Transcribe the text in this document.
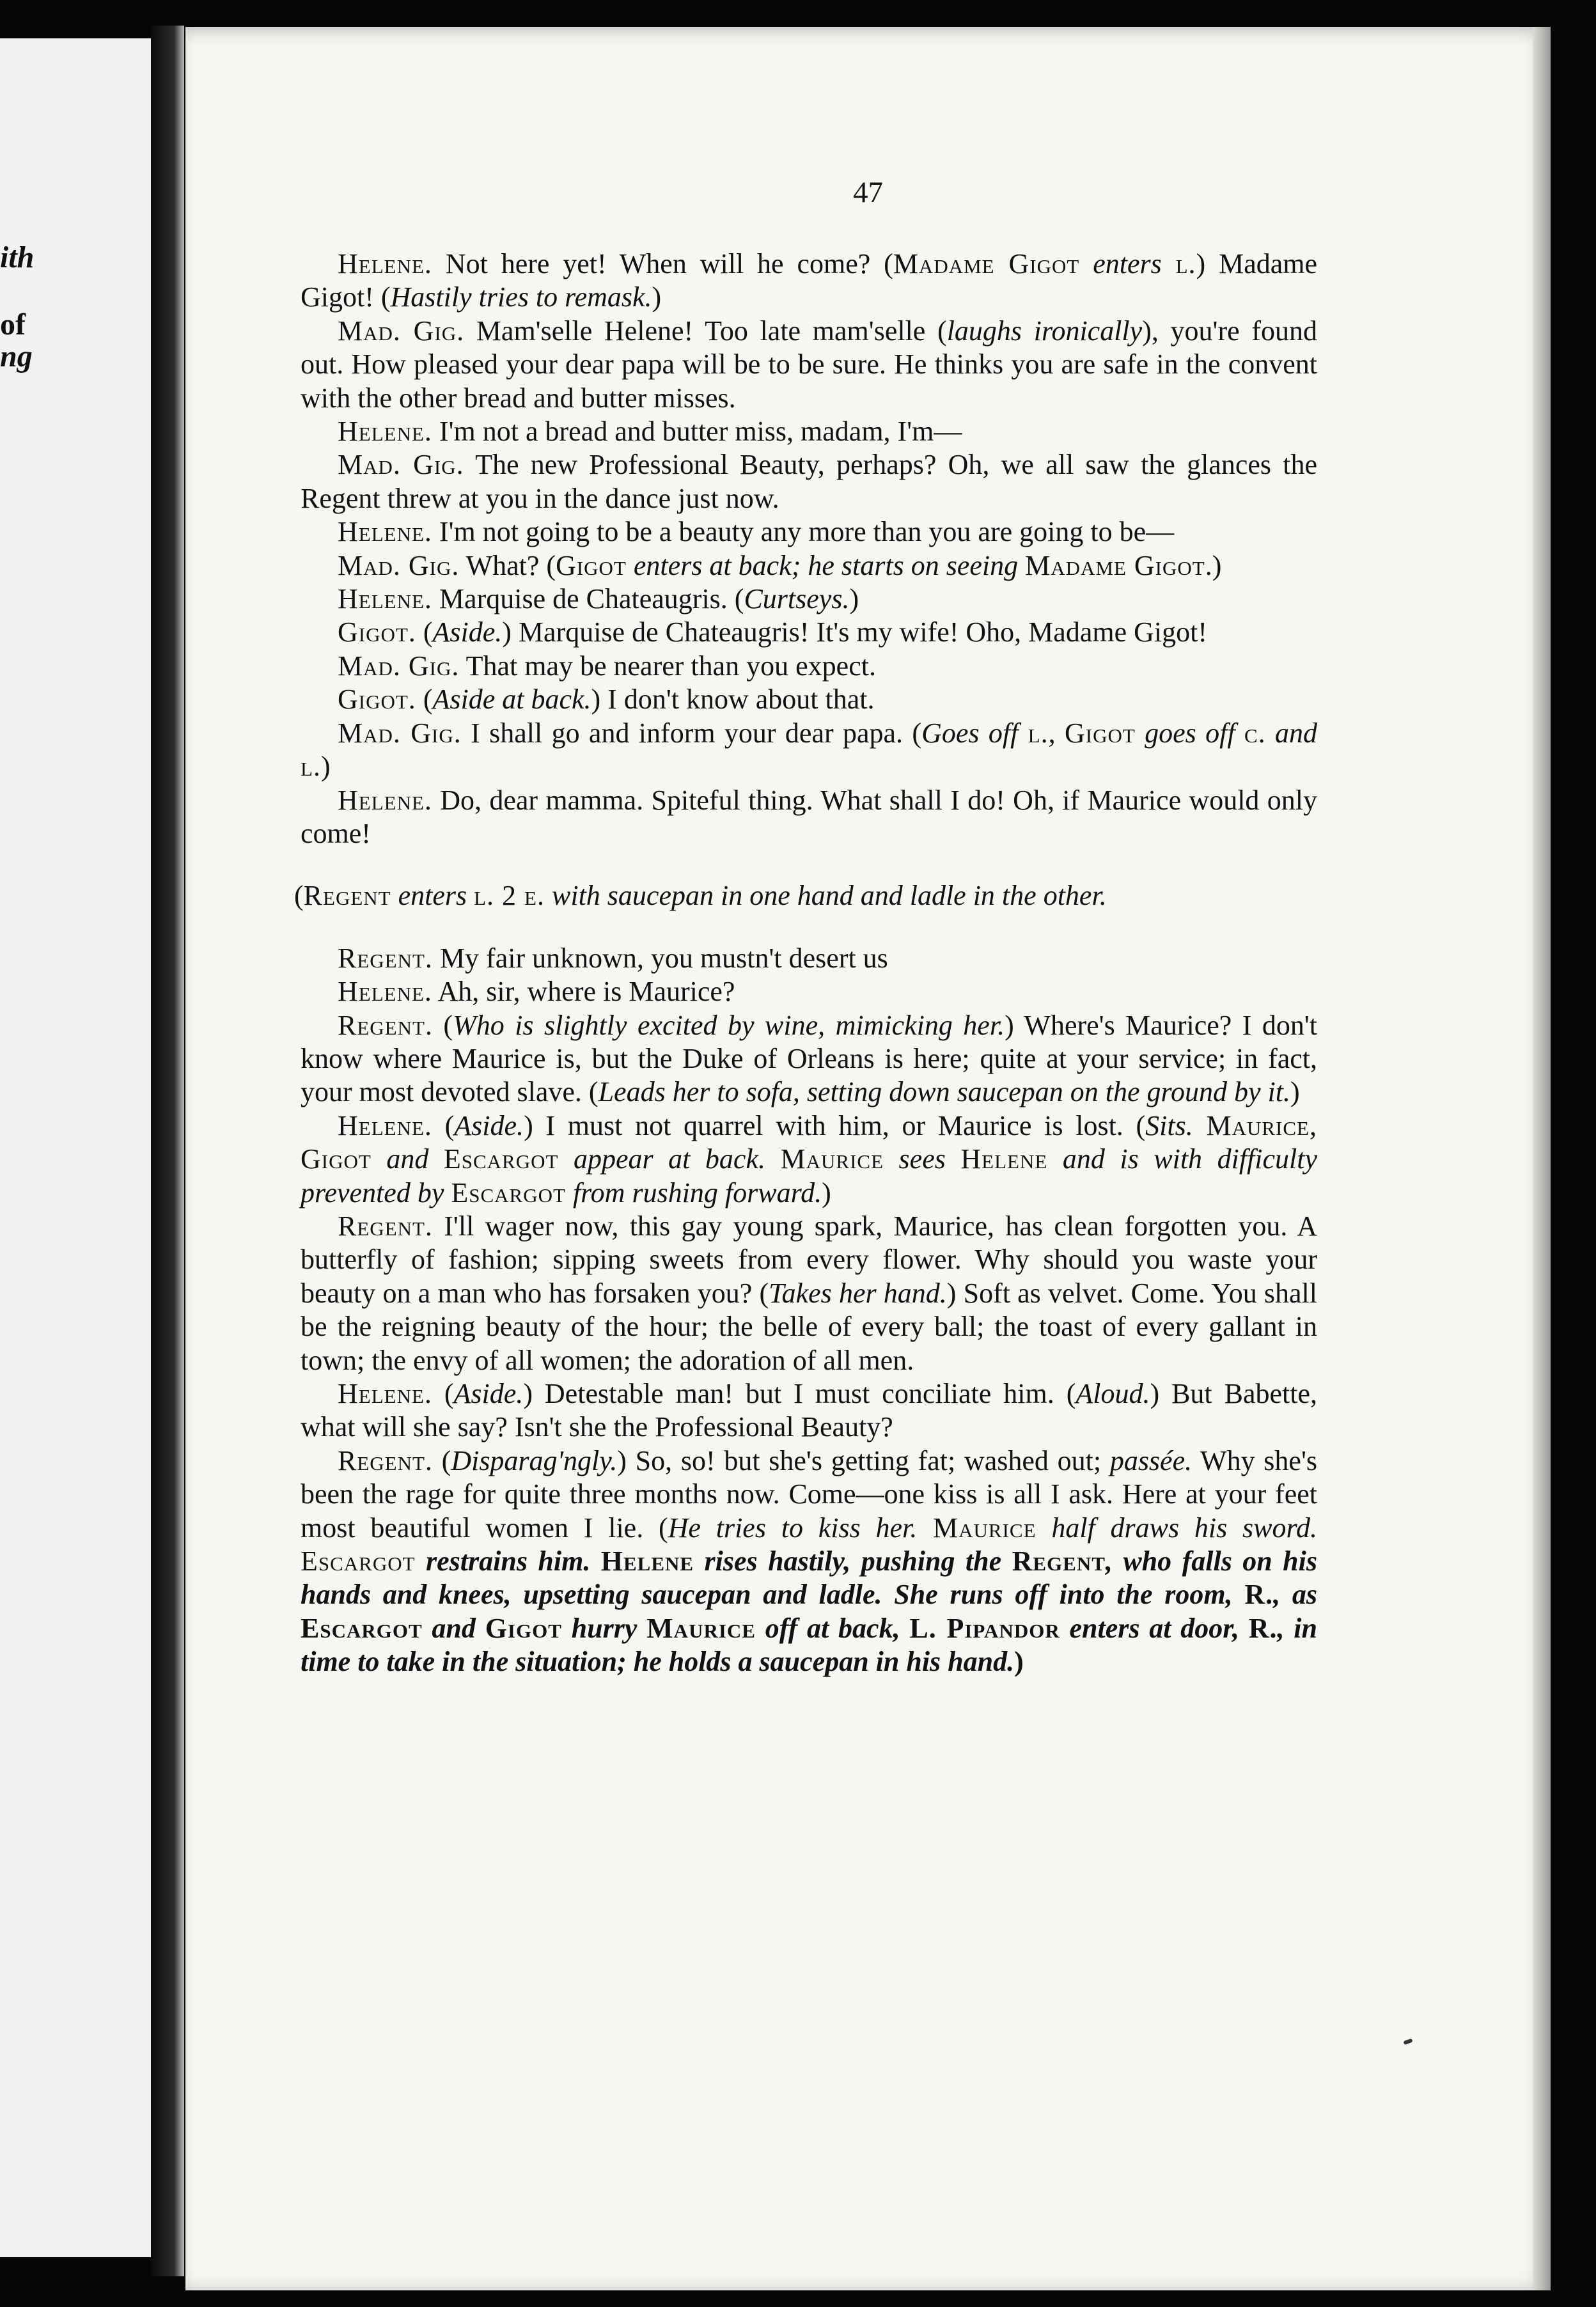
ith
of
ng
47

Helene. Not here yet! When will he come? (Madame Gigot enters l.) Madame Gigot! (Hastily tries to remask.)

Mad. Gig. Mam'selle Helene! Too late mam'selle (laughs ironically), you're found out. How pleased your dear papa will be to be sure. He thinks you are safe in the convent with the other bread and butter misses.

Helene. I'm not a bread and butter miss, madam, I'm—

Mad. Gig. The new Professional Beauty, perhaps? Oh, we all saw the glances the Regent threw at you in the dance just now.

Helene. I'm not going to be a beauty any more than you are going to be—

Mad. Gig. What? (Gigot enters at back; he starts on seeing Madame Gigot.)

Helene. Marquise de Chateaugris. (Curtseys.)

Gigot. (Aside.) Marquise de Chateaugris! It's my wife! Oho, Madame Gigot!

Mad. Gig. That may be nearer than you expect.

Gigot. (Aside at back.) I don't know about that.

Mad. Gig. I shall go and inform your dear papa. (Goes off l., Gigot goes off c. and l.)

Helene. Do, dear mamma. Spiteful thing. What shall I do! Oh, if Maurice would only come!

(Regent enters l. 2 e. with saucepan in one hand and ladle in the other.

Regent. My fair unknown, you mustn't desert us

Helene. Ah, sir, where is Maurice?

Regent. (Who is slightly excited by wine, mimicking her.) Where's Maurice? I don't know where Maurice is, but the Duke of Orleans is here; quite at your service; in fact, your most devoted slave. (Leads her to sofa, setting down saucepan on the ground by it.)

Helene. (Aside.) I must not quarrel with him, or Maurice is lost. (Sits. Maurice, Gigot and Escargot appear at back. Maurice sees Helene and is with difficulty prevented by Escargot from rushing forward.)

Regent. I'll wager now, this gay young spark, Maurice, has clean forgotten you. A butterfly of fashion; sipping sweets from every flower. Why should you waste your beauty on a man who has forsaken you? (Takes her hand.) Soft as velvet. Come. You shall be the reigning beauty of the hour; the belle of every ball; the toast of every gallant in town; the envy of all women; the adoration of all men.

Helene. (Aside.) Detestable man! but I must conciliate him. (Aloud.) But Babette, what will she say? Isn't she the Professional Beauty?

Regent. (Disparag'ngly.) So, so! but she's getting fat; washed out; passée. Why she's been the rage for quite three months now. Come—one kiss is all I ask. Here at your feet most beautiful women I lie. (He tries to kiss her. Maurice half draws his sword. Escargot restrains him. Helene rises hastily, pushing the Regent, who falls on his hands and knees, upsetting saucepan and ladle. She runs off into the room, R., as Escargot and Gigot hurry Maurice off at back, L. Pipandor enters at door, R., in time to take in the situation; he holds a saucepan in his hand.)
